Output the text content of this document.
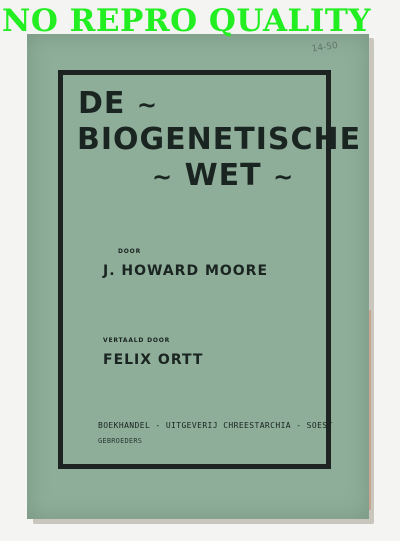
NO REPRO QUALITY
14-50
DE ~
BIOGENETISCHE
~ WET ~
DOOR
J. HOWARD MOORE
VERTAALD DOOR
FELIX ORTT
BOEKHANDEL - UITGEVERIJ CHREESTARCHIA - SOEST
GEBROEDERS
